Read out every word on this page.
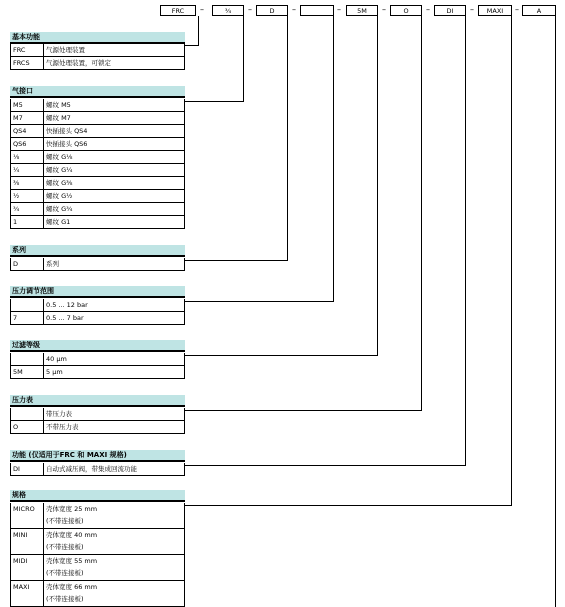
FRC	–	¾	–	D	–	–	5M	–	O	–	DI	–	MAXI	–	A
基本功能
FRC	气源处理装置
FRCS	气源处理装置，可锁定
气接口
M5	螺纹 M5
M7	螺纹 M7
QS4	快插接头 QS4
QS6	快插接头 QS6
⅛	螺纹 G⅛
¼	螺纹 G¼
⅜	螺纹 G⅜
½	螺纹 G½
¾	螺纹 G¾
1	螺纹 G1
系列
D	系列
压力调节范围
	0.5 ... 12 bar
7	0.5 ... 7 bar
过滤等级
	40 μm
5M	5 μm
压力表
	带压力表
O	不带压力表
功能 (仅适用于FRC 和 MAXI 规格)
DI	自动式减压阀，带集成回流功能
规格
MICRO	壳体宽度 25 mm
(不带连接板)

MINI	壳体宽度 40 mm
(不带连接板)

MIDI	壳体宽度 55 mm
(不带连接板)

MAXI	壳体宽度 66 mm
(不带连接板)
